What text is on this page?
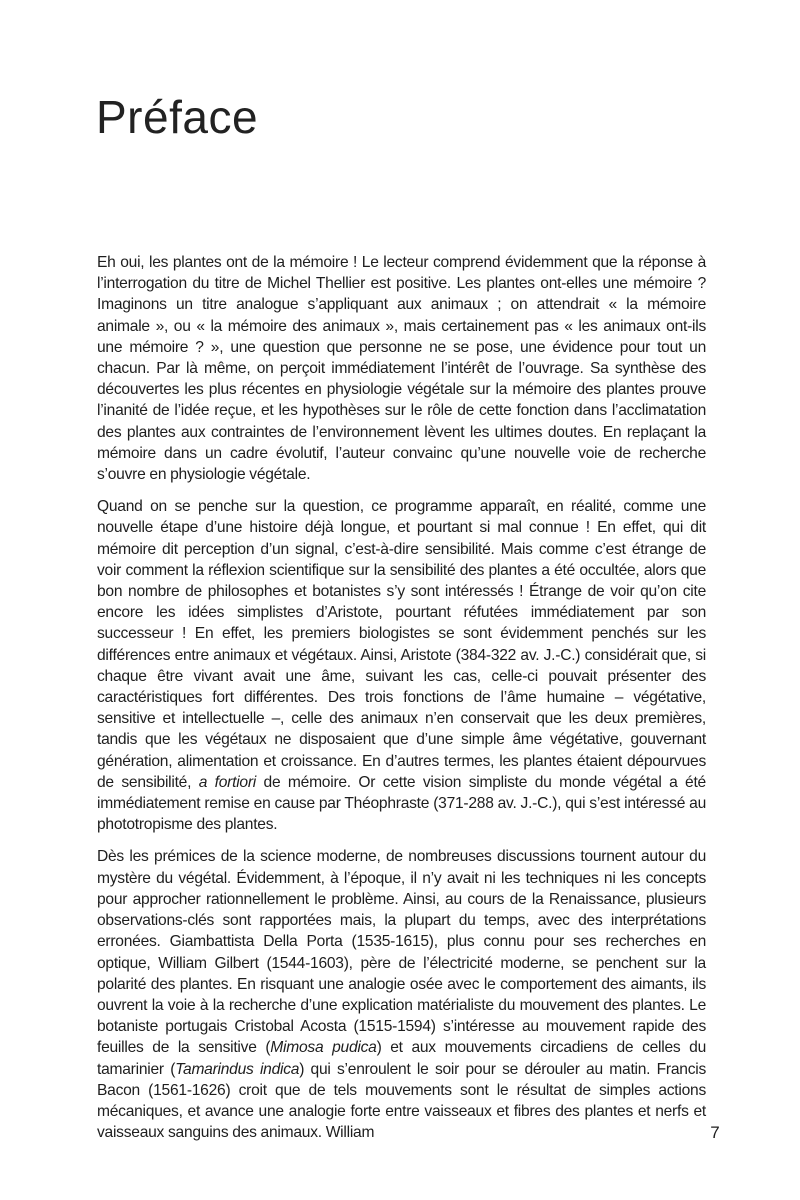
Préface

Eh oui, les plantes ont de la mémoire ! Le lecteur comprend évidemment que la réponse à l’interrogation du titre de Michel Thellier est positive. Les plantes ont-elles une mémoire ? Imaginons un titre analogue s’appliquant aux animaux ; on attendrait « la mémoire animale », ou « la mémoire des animaux », mais certainement pas « les animaux ont-ils une mémoire ? », une question que personne ne se pose, une évidence pour tout un chacun. Par là même, on perçoit immédiatement l’intérêt de l’ouvrage. Sa synthèse des découvertes les plus récentes en physiologie végétale sur la mémoire des plantes prouve l’inanité de l’idée reçue, et les hypothèses sur le rôle de cette fonction dans l’acclimatation des plantes aux contraintes de l’environnement lèvent les ultimes doutes. En replaçant la mémoire dans un cadre évolutif, l’auteur convainc qu’une nouvelle voie de recherche s’ouvre en physiologie végétale.

Quand on se penche sur la question, ce programme apparaît, en réalité, comme une nouvelle étape d’une histoire déjà longue, et pourtant si mal connue ! En effet, qui dit mémoire dit perception d’un signal, c’est-à-dire sensibilité. Mais comme c’est étrange de voir comment la réflexion scientifique sur la sensibilité des plantes a été occultée, alors que bon nombre de philosophes et botanistes s’y sont intéressés ! Étrange de voir qu’on cite encore les idées simplistes d’Aristote, pourtant réfutées immédiatement par son successeur ! En effet, les premiers biologistes se sont évidemment penchés sur les différences entre animaux et végétaux. Ainsi, Aristote (384-322 av. J.-C.) considérait que, si chaque être vivant avait une âme, suivant les cas, celle-ci pouvait présenter des caractéristiques fort différentes. Des trois fonctions de l’âme humaine – végétative, sensitive et intellectuelle –, celle des animaux n’en conservait que les deux premières, tandis que les végétaux ne disposaient que d’une simple âme végétative, gouvernant génération, alimentation et croissance. En d’autres termes, les plantes étaient dépourvues de sensibilité, a fortiori de mémoire. Or cette vision simpliste du monde végétal a été immédiatement remise en cause par Théophraste (371-288 av. J.-C.), qui s’est intéressé au phototropisme des plantes.

Dès les prémices de la science moderne, de nombreuses discussions tournent autour du mystère du végétal. Évidemment, à l’époque, il n’y avait ni les techniques ni les concepts pour approcher rationnellement le problème. Ainsi, au cours de la Renaissance, plusieurs observations-clés sont rapportées mais, la plupart du temps, avec des interprétations erronées. Giambattista Della Porta (1535-1615), plus connu pour ses recherches en optique, William Gilbert (1544-1603), père de l’électricité moderne, se penchent sur la polarité des plantes. En risquant une analogie osée avec le comportement des aimants, ils ouvrent la voie à la recherche d’une explication matérialiste du mouvement des plantes. Le botaniste portugais Cristobal Acosta (1515-1594) s’intéresse au mouvement rapide des feuilles de la sensitive (Mimosa pudica) et aux mouvements circadiens de celles du tamarinier (Tamarindus indica) qui s’enroulent le soir pour se dérouler au matin. Francis Bacon (1561-1626) croit que de tels mouvements sont le résultat de simples actions mécaniques, et avance une analogie forte entre vaisseaux et fibres des plantes et nerfs et vaisseaux sanguins des animaux. William	7
